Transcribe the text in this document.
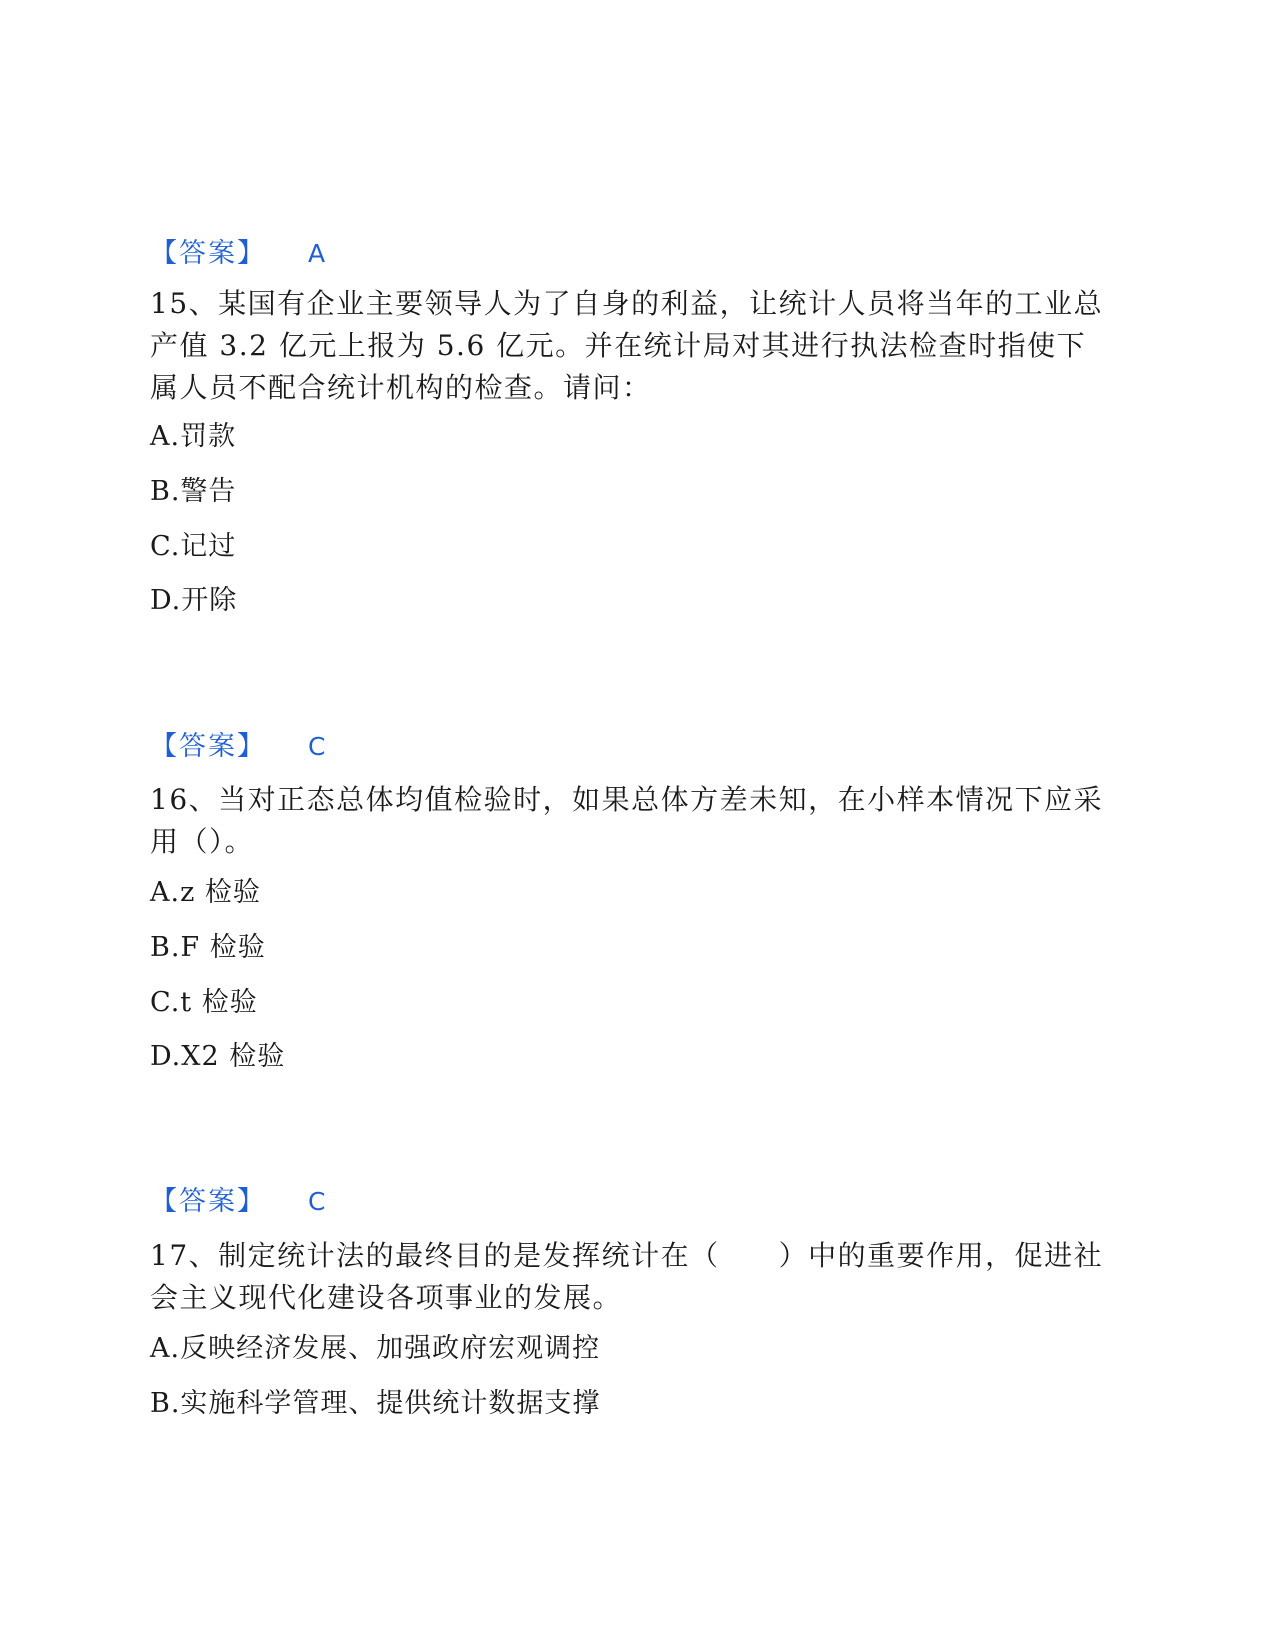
【答案】 A

15、某国有企业主要领导人为了自身的利益，让统计人员将当年的工业总产值 3.2 亿元上报为 5.6 亿元。并在统计局对其进行执法检查时指使下属人员不配合统计机构的检查。请问：

A.罚款
B.警告
C.记过
D.开除
【答案】 C

16、当对正态总体均值检验时，如果总体方差未知，在小样本情况下应采用（）。

A.z 检验
B.F 检验
C.t 检验
D.X2 检验
【答案】 C

17、制定统计法的最终目的是发挥统计在（　　）中的重要作用，促进社会主义现代化建设各项事业的发展。

A.反映经济发展、加强政府宏观调控
B.实施科学管理、提供统计数据支撑
